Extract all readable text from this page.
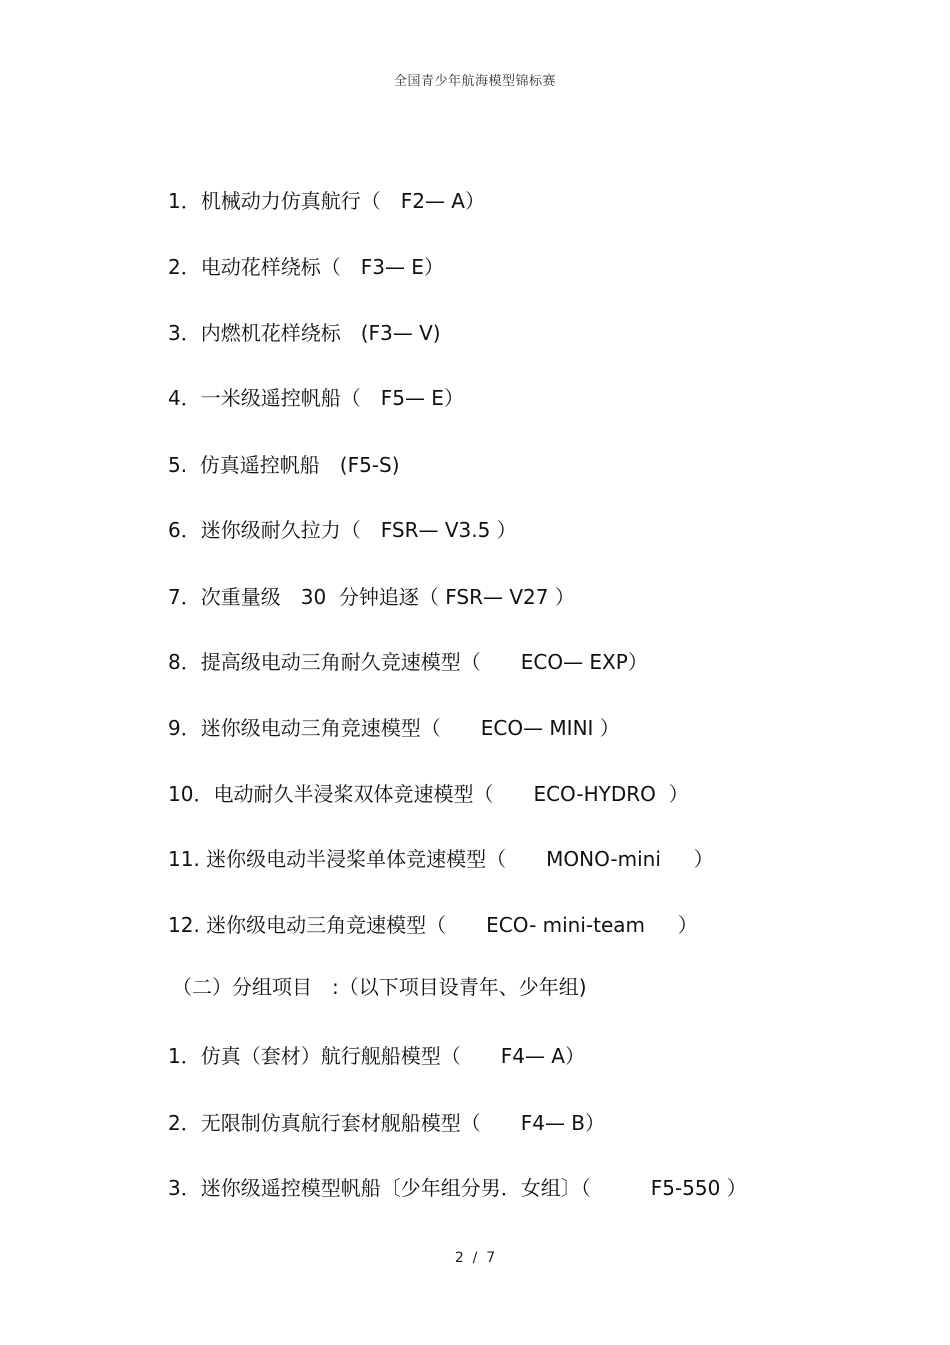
全国青少年航海模型锦标赛
1．机械动力仿真航行（　F2— A）
2．电动花样绕标（　F3— E）
3．内燃机花样绕标　(F3— V)
4．一米级遥控帆船（　F5— E）
5.  仿真遥控帆船　(F5-S)
6．迷你级耐久拉力（　FSR— V3.5 ）
7．次重量级　30  分钟追逐（ FSR— V27 ）
8．提高级电动三角耐久竞速模型（　　ECO— EXP）
9．迷你级电动三角竞速模型（　　ECO— MINI ）
10．电动耐久半浸桨双体竞速模型（　　ECO-HYDRO  ）
11. 迷你级电动半浸桨单体竞速模型（　　MONO-mini　  ）
12. 迷你级电动三角竞速模型（　　ECO- mini-team　  ）
（二）分组项目　:（以下项目设青年、少年组)
1．仿真（套材）航行舰船模型（　　F4— A）
2．无限制仿真航行套材舰船模型（　　F4— B）
3．迷你级遥控模型帆船〔少年组分男．女组〕（　　　F5-550 ）
2  /  7
